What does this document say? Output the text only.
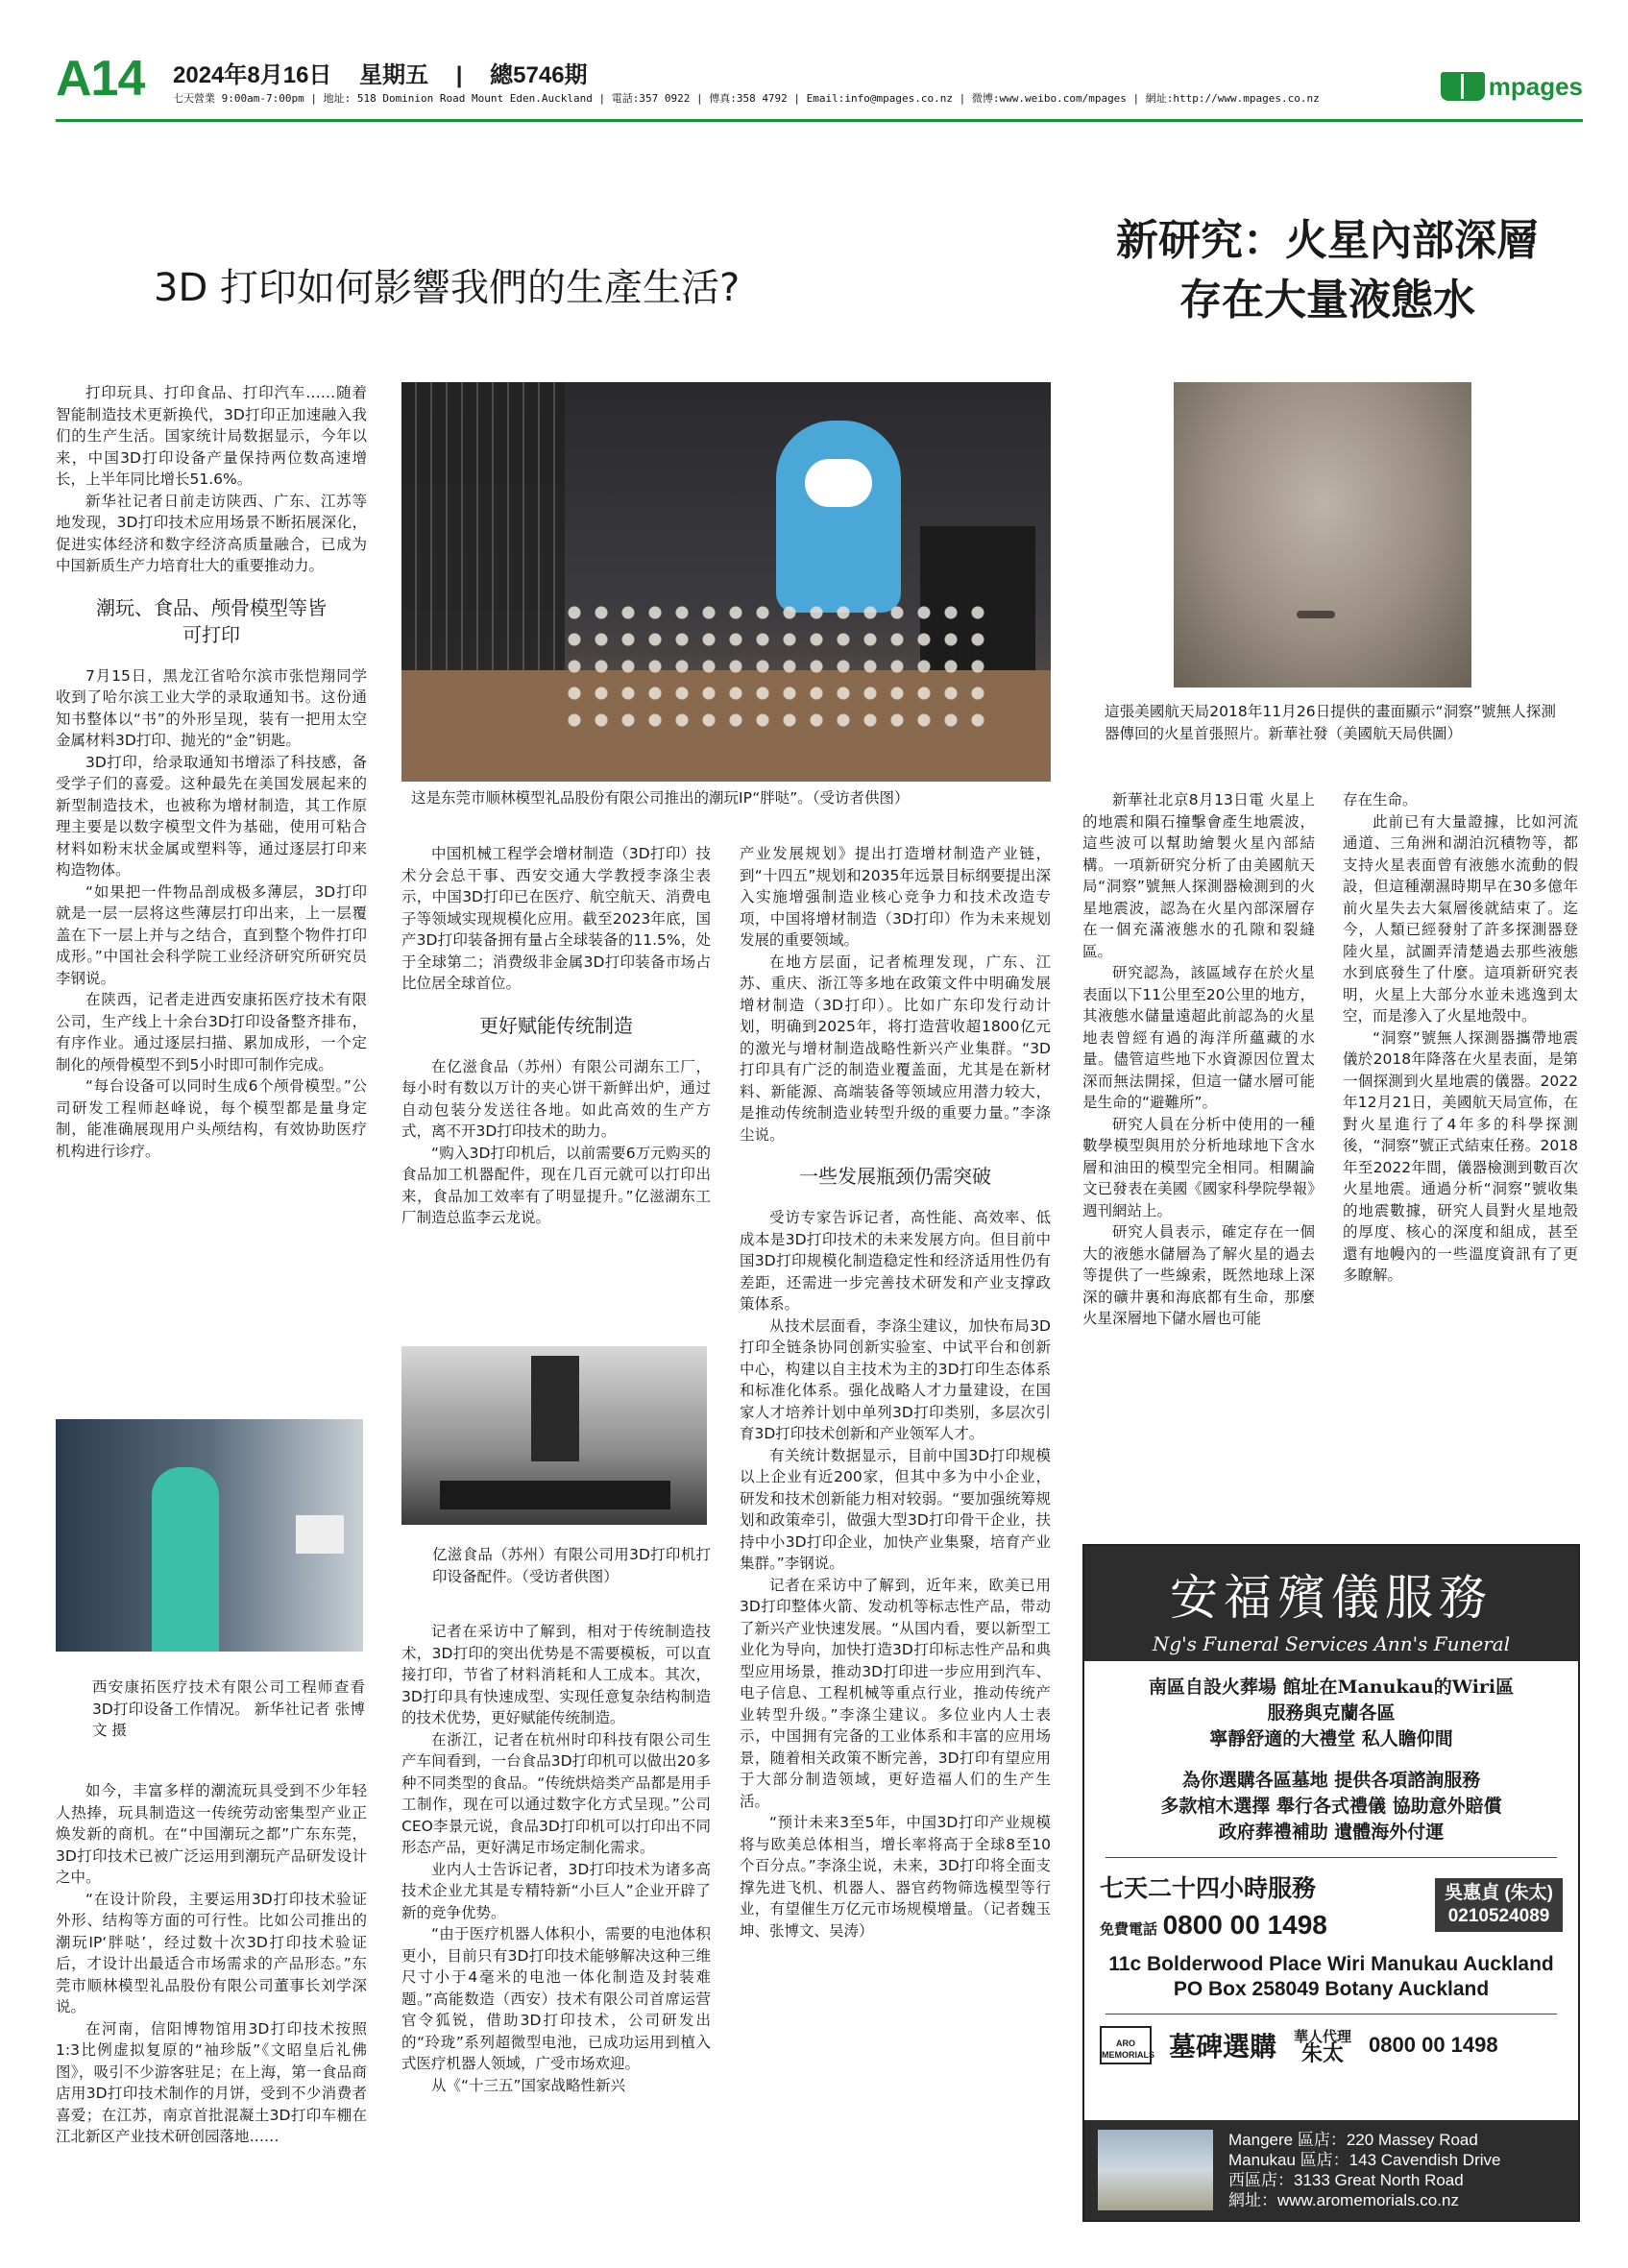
A14 2024年8月16日 星期五 | 總5746期
七天營業 9:00am-7:00pm | 地址: 518 Dominion Road Mount Eden.Auckland | 電話:357 0922 | 傳真:358 4792 | Email:info@mpages.co.nz | 微博:www.weibo.com/mpages | 網址:http://www.mpages.co.nz	mpages
3D 打印如何影響我們的生產生活?
新研究：火星內部深層存在大量液態水

打印玩具、打印食品、打印汽车……随着智能制造技术更新换代，3D打印正加速融入我们的生产生活。国家统计局数据显示，今年以来，中国3D打印设备产量保持两位数高速增长，上半年同比增长51.6%。

新华社记者日前走访陕西、广东、江苏等地发现，3D打印技术应用场景不断拓展深化，促进实体经济和数字经济高质量融合，已成为中国新质生产力培育壮大的重要推动力。

潮玩、食品、颅骨模型等皆可打印

7月15日，黑龙江省哈尔滨市张恺翔同学收到了哈尔滨工业大学的录取通知书。这份通知书整体以“书”的外形呈现，装有一把用太空金属材料3D打印、抛光的“金”钥匙。

3D打印，给录取通知书增添了科技感，备受学子们的喜爱。这种最先在美国发展起来的新型制造技术，也被称为增材制造，其工作原理主要是以数字模型文件为基础，使用可粘合材料如粉末状金属或塑料等，通过逐层打印来构造物体。

“如果把一件物品剖成极多薄层，3D打印就是一层一层将这些薄层打印出来，上一层覆盖在下一层上并与之结合，直到整个物件打印成形。”中国社会科学院工业经济研究所研究员李钢说。

在陕西，记者走进西安康拓医疗技术有限公司，生产线上十余台3D打印设备整齐排布，有序作业。通过逐层扫描、累加成形，一个定制化的颅骨模型不到5小时即可制作完成。

“每台设备可以同时生成6个颅骨模型。”公司研发工程师赵峰说，每个模型都是量身定制，能准确展现用户头颅结构，有效协助医疗机构进行诊疗。

西安康拓医疗技术有限公司工程师查看3D打印设备工作情况。 新华社记者 张博文 摄

如今，丰富多样的潮流玩具受到不少年轻人热捧，玩具制造这一传统劳动密集型产业正焕发新的商机。在“中国潮玩之都”广东东莞，3D打印技术已被广泛运用到潮玩产品研发设计之中。

“在设计阶段，主要运用3D打印技术验证外形、结构等方面的可行性。比如公司推出的潮玩IP‘胖哒’，经过数十次3D打印技术验证后，才设计出最适合市场需求的产品形态。”东莞市顺林模型礼品股份有限公司董事长刘学深说。

在河南，信阳博物馆用3D打印技术按照1:3比例虚拟复原的“袖珍版”《文昭皇后礼佛图》，吸引不少游客驻足；在上海，第一食品商店用3D打印技术制作的月饼，受到不少消费者喜爱；在江苏，南京首批混凝土3D打印车棚在江北新区产业技术研创园落地……

这是东莞市顺林模型礼品股份有限公司推出的潮玩IP“胖哒”。（受访者供图）

中国机械工程学会增材制造（3D打印）技术分会总干事、西安交通大学教授李涤尘表示，中国3D打印已在医疗、航空航天、消费电子等领域实现规模化应用。截至2023年底，国产3D打印装备拥有量占全球装备的11.5%，处于全球第二；消费级非金属3D打印装备市场占比位居全球首位。

更好赋能传统制造

在亿滋食品（苏州）有限公司湖东工厂，每小时有数以万计的夹心饼干新鲜出炉，通过自动包装分发送往各地。如此高效的生产方式，离不开3D打印技术的助力。

“购入3D打印机后，以前需要6万元购买的食品加工机器配件，现在几百元就可以打印出来，食品加工效率有了明显提升。”亿滋湖东工厂制造总监李云龙说。

亿滋食品（苏州）有限公司用3D打印机打印设备配件。（受访者供图）

记者在采访中了解到，相对于传统制造技术，3D打印的突出优势是不需要模板，可以直接打印，节省了材料消耗和人工成本。其次，3D打印具有快速成型、实现任意复杂结构制造的技术优势，更好赋能传统制造。

在浙江，记者在杭州时印科技有限公司生产车间看到，一台食品3D打印机可以做出20多种不同类型的食品。“传统烘焙类产品都是用手工制作，现在可以通过数字化方式呈现。”公司CEO李景元说，食品3D打印机可以打印出不同形态产品，更好满足市场定制化需求。

业内人士告诉记者，3D打印技术为诸多高技术企业尤其是专精特新“小巨人”企业开辟了新的竞争优势。

“由于医疗机器人体积小，需要的电池体积更小，目前只有3D打印技术能够解决这种三维尺寸小于4毫米的电池一体化制造及封装难题。”高能数造（西安）技术有限公司首席运营官令狐锐，借助3D打印技术，公司研发出的“玲珑”系列超微型电池，已成功运用到植入式医疗机器人领域，广受市场欢迎。

从《“十三五”国家战略性新兴

产业发展规划》提出打造增材制造产业链，到“十四五”规划和2035年远景目标纲要提出深入实施增强制造业核心竞争力和技术改造专项，中国将增材制造（3D打印）作为未来规划发展的重要领域。

在地方层面，记者梳理发现，广东、江苏、重庆、浙江等多地在政策文件中明确发展增材制造（3D打印）。比如广东印发行动计划，明确到2025年，将打造营收超1800亿元的激光与增材制造战略性新兴产业集群。“3D打印具有广泛的制造业覆盖面，尤其是在新材料、新能源、高端装备等领域应用潜力较大，是推动传统制造业转型升级的重要力量。”李涤尘说。

一些发展瓶颈仍需突破

受访专家告诉记者，高性能、高效率、低成本是3D打印技术的未来发展方向。但目前中国3D打印规模化制造稳定性和经济适用性仍有差距，还需进一步完善技术研发和产业支撑政策体系。

从技术层面看，李涤尘建议，加快布局3D打印全链条协同创新实验室、中试平台和创新中心，构建以自主技术为主的3D打印生态体系和标准化体系。强化战略人才力量建设，在国家人才培养计划中单列3D打印类别，多层次引育3D打印技术创新和产业领军人才。

有关统计数据显示，目前中国3D打印规模以上企业有近200家，但其中多为中小企业，研发和技术创新能力相对较弱。“要加强统筹规划和政策牵引，做强大型3D打印骨干企业，扶持中小3D打印企业，加快产业集聚，培育产业集群。”李钢说。

记者在采访中了解到，近年来，欧美已用3D打印整体火箭、发动机等标志性产品，带动了新兴产业快速发展。“从国内看，要以新型工业化为导向，加快打造3D打印标志性产品和典型应用场景，推动3D打印进一步应用到汽车、电子信息、工程机械等重点行业，推动传统产业转型升级。”李涤尘建议。多位业内人士表示，中国拥有完备的工业体系和丰富的应用场景，随着相关政策不断完善，3D打印有望应用于大部分制造领域，更好造福人们的生产生活。

“预计未来3至5年，中国3D打印产业规模将与欧美总体相当，增长率将高于全球8至10个百分点。”李涤尘说，未来，3D打印将全面支撑先进飞机、机器人、器官药物筛选模型等行业，有望催生万亿元市场规模增量。（记者魏玉坤、张博文、吴涛）

這張美國航天局2018年11月26日提供的畫面顯示“洞察”號無人探測器傳回的火星首張照片。新華社發（美國航天局供圖）

新華社北京8月13日電 火星上的地震和隕石撞擊會產生地震波，這些波可以幫助繪製火星內部結構。一項新研究分析了由美國航天局“洞察”號無人探測器檢測到的火星地震波，認為在火星內部深層存在一個充滿液態水的孔隙和裂縫區。

研究認為，該區域存在於火星表面以下11公里至20公里的地方，其液態水儲量遠超此前認為的火星地表曾經有過的海洋所蘊藏的水量。儘管這些地下水資源因位置太深而無法開採，但這一儲水層可能是生命的“避難所”。

研究人員在分析中使用的一種數學模型與用於分析地球地下含水層和油田的模型完全相同。相關論文已發表在美國《國家科學院學報》週刊網站上。

研究人員表示，確定存在一個大的液態水儲層為了解火星的過去等提供了一些線索，既然地球上深深的礦井裏和海底都有生命，那麼火星深層地下儲水層也可能

存在生命。

此前已有大量證據，比如河流通道、三角洲和湖泊沉積物等，都支持火星表面曾有液態水流動的假設，但這種潮濕時期早在30多億年前火星失去大氣層後就結束了。迄今，人類已經發射了許多探測器登陸火星，試圖弄清楚過去那些液態水到底發生了什麼。這項新研究表明，火星上大部分水並未逃逸到太空，而是滲入了火星地殼中。

“洞察”號無人探測器攜帶地震儀於2018年降落在火星表面，是第一個探測到火星地震的儀器。2022年12月21日，美國航天局宣佈，在對火星進行了4年多的科學探測後，“洞察”號正式結束任務。2018年至2022年間，儀器檢測到數百次火星地震。通過分析“洞察”號收集的地震數據，研究人員對火星地殼的厚度、核心的深度和組成，甚至還有地幔內的一些溫度資訊有了更多瞭解。

安福殯儀服務
Ng's Funeral Services Ann's Funeral
南區自設火葬場 館址在Manukau的Wiri區
服務與克蘭各區
寧靜舒適的大禮堂 私人瞻仰間
為你選購各區墓地 提供各項諮詢服務
多款棺木選擇 舉行各式禮儀 協助意外賠償
政府葬禮補助 遺體海外付運
七天二十四小時服務
免費電話 0800 00 1498
吳惠貞 (朱太)
0210524089
11c Bolderwood Place Wiri Manukau Auckland
PO Box 258049 Botany Auckland
ARO MEMORIALS 墓碑選購 華人代理
朱太	0800 00 1498
Mangere 區店：220 Massey Road
Manukau 區店：143 Cavendish Drive
西區店：3133 Great North Road
網址：www.aromemorials.co.nz
